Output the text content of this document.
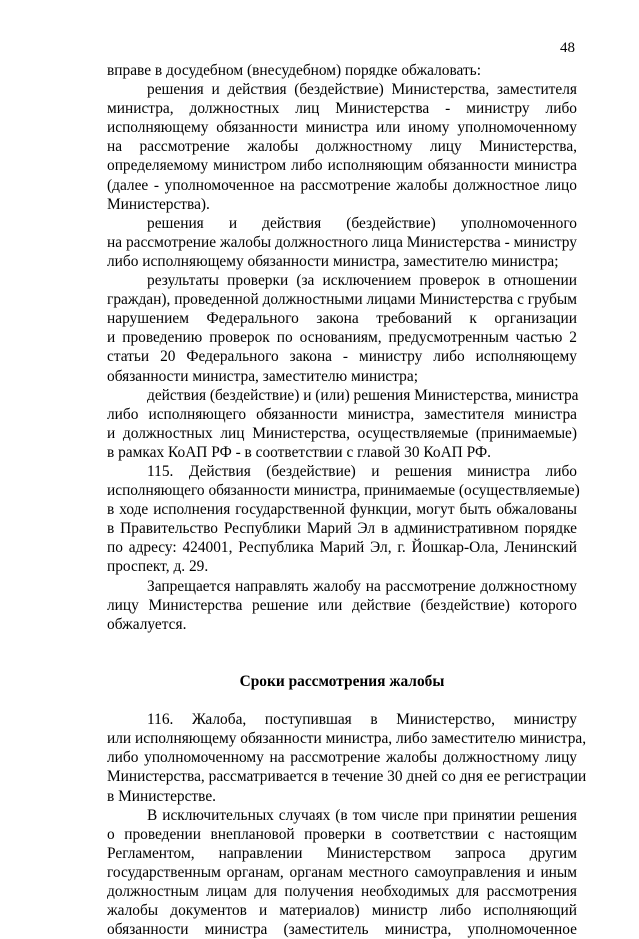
48
вправе в досудебном (внесудебном) порядке обжаловать:
решения и действия (бездействие) Министерства, заместителя
министра, должностных лиц Министерства - министру либо
исполняющему обязанности министра или иному уполномоченному
на рассмотрение жалобы должностному лицу Министерства,
определяемому министром либо исполняющим обязанности министра
(далее - уполномоченное на рассмотрение жалобы должностное лицо
Министерства).
решения и действия (бездействие) уполномоченного
на рассмотрение жалобы должностного лица Министерства - министру
либо исполняющему обязанности министра, заместителю министра;
результаты проверки (за исключением проверок в отношении
граждан), проведенной должностными лицами Министерства с грубым
нарушением Федерального закона требований к организации
и проведению проверок по основаниям, предусмотренным частью 2
статьи 20 Федерального закона - министру либо исполняющему
обязанности министра, заместителю министра;
действия (бездействие) и (или) решения Министерства, министра
либо исполняющего обязанности министра, заместителя министра
и должностных лиц Министерства, осуществляемые (принимаемые)
в рамках КоАП РФ - в соответствии с главой 30 КоАП РФ.
115. Действия (бездействие) и решения министра либо
исполняющего обязанности министра, принимаемые (осуществляемые)
в ходе исполнения государственной функции, могут быть обжалованы
в Правительство Республики Марий Эл в административном порядке
по адресу: 424001, Республика Марий Эл, г. Йошкар-Ола, Ленинский
проспект, д. 29.
Запрещается направлять жалобу на рассмотрение должностному
лицу Министерства решение или действие (бездействие) которого
обжалуется.

Сроки рассмотрения жалобы

116. Жалоба, поступившая в Министерство, министру
или исполняющему обязанности министра, либо заместителю министра,
либо уполномоченному на рассмотрение жалобы должностному лицу
Министерства, рассматривается в течение 30 дней со дня ее регистрации
в Министерстве.
В исключительных случаях (в том числе при принятии решения
о проведении внеплановой проверки в соответствии с настоящим
Регламентом, направлении Министерством запроса другим
государственным органам, органам местного самоуправления и иным
должностным лицам для получения необходимых для рассмотрения
жалобы документов и материалов) министр либо исполняющий
обязанности министра (заместитель министра, уполномоченное
